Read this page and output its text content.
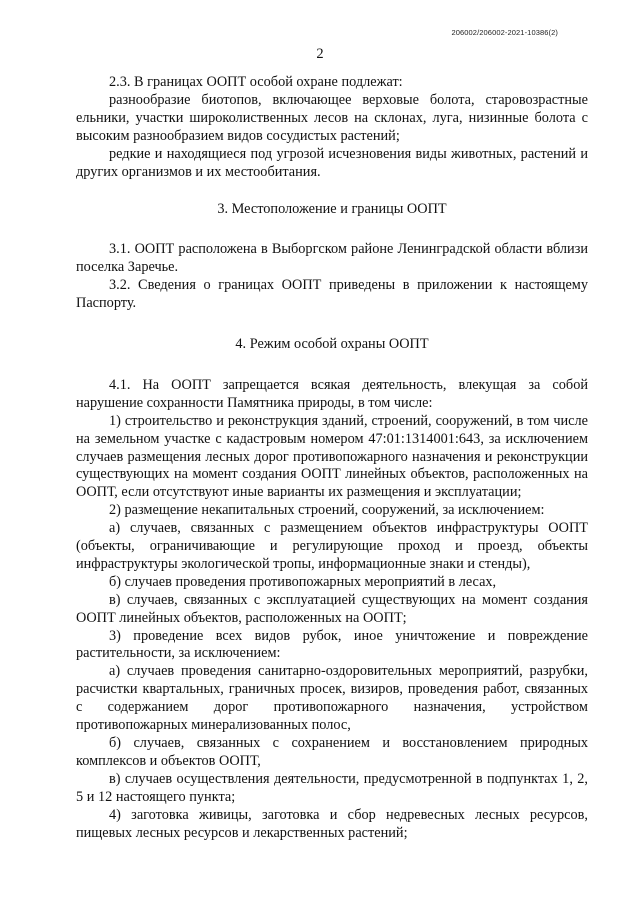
206002/206002-2021-10386(2)
2

2.3. В границах ООПТ особой охране подлежат:

разнообразие биотопов, включающее верховые болота, старовозрастные ельники, участки широколиственных лесов на склонах, луга, низинные болота с высоким разнообразием видов сосудистых растений;

редкие и находящиеся под угрозой исчезновения виды животных, растений и других организмов и их местообитания.

3. Местоположение и границы ООПТ

3.1. ООПТ расположена в Выборгском районе Ленинградской области вблизи поселка Заречье.

3.2. Сведения о границах ООПТ приведены в приложении к настоящему Паспорту.

4. Режим особой охраны ООПТ

4.1. На ООПТ запрещается всякая деятельность, влекущая за собой нарушение сохранности Памятника природы, в том числе:

1) строительство и реконструкция зданий, строений, сооружений, в том числе на земельном участке с кадастровым номером 47:01:1314001:643, за исключением случаев размещения лесных дорог противопожарного назначения и реконструкции существующих на момент создания ООПТ линейных объектов, расположенных на ООПТ, если отсутствуют иные варианты их размещения и эксплуатации;

2) размещение некапитальных строений, сооружений, за исключением:

а) случаев, связанных с размещением объектов инфраструктуры ООПТ (объекты, ограничивающие и регулирующие проход и проезд, объекты инфраструктуры экологической тропы, информационные знаки и стенды),

б) случаев проведения противопожарных мероприятий в лесах,

в) случаев, связанных с эксплуатацией существующих на момент создания ООПТ линейных объектов, расположенных на ООПТ;

3) проведение всех видов рубок, иное уничтожение и повреждение растительности, за исключением:

а) случаев проведения санитарно-оздоровительных мероприятий, разрубки, расчистки квартальных, граничных просек, визиров, проведения работ, связанных с содержанием дорог противопожарного назначения, устройством противопожарных минерализованных полос,

б) случаев, связанных с сохранением и восстановлением природных комплексов и объектов ООПТ,

в) случаев осуществления деятельности, предусмотренной в подпунктах 1, 2, 5 и 12 настоящего пункта;

4) заготовка живицы, заготовка и сбор недревесных лесных ресурсов, пищевых лесных ресурсов и лекарственных растений;
